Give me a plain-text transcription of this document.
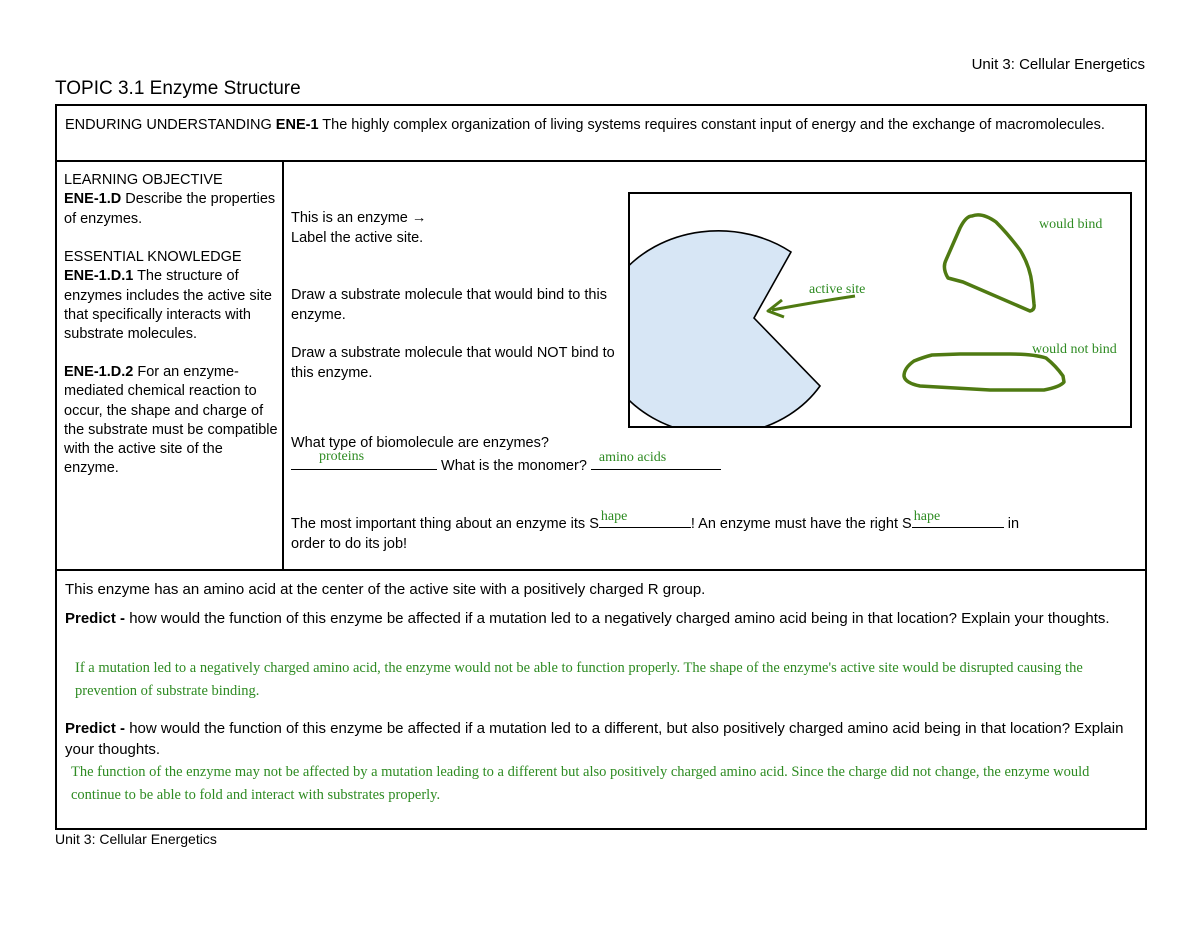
Unit 3: Cellular Energetics
TOPIC 3.1 Enzyme Structure
ENDURING UNDERSTANDING ENE-1 The highly complex organization of living systems requires constant input of energy and the exchange of macromolecules.
LEARNING OBJECTIVE
ENE-1.D Describe the properties of enzymes.
ESSENTIAL KNOWLEDGE
ENE-1.D.1 The structure of enzymes includes the active site that specifically interacts with substrate molecules.
ENE-1.D.2 For an enzyme-mediated chemical reaction to occur, the shape and charge of the substrate must be compatible with the active site of the enzyme.
This is an enzyme →
Label the active site.
Draw a substrate molecule that would bind to this enzyme.
Draw a substrate molecule that would NOT bind to this enzyme.
active site
would bind
would not bind
What type of biomolecule are enzymes?
proteins
What is the monomer? amino acids
The most important thing about an enzyme its S hape	! An enzyme must have the right S hape	in
order to do its job!
This enzyme has an amino acid at the center of the active site with a positively charged R group.
Predict - how would the function of this enzyme be affected if a mutation led to a negatively charged amino acid being in that location? Explain your thoughts.
If a mutation led to a negatively charged amino acid, the enzyme would not be able to function properly. The shape of the enzyme's active site would be disrupted causing the prevention of substrate binding.
Predict - how would the function of this enzyme be affected if a mutation led to a different, but also positively charged amino acid being in that location? Explain your thoughts.
The function of the enzyme may not be affected by a mutation leading to a different but also positively charged amino acid. Since the charge did not change, the enzyme would continue to be able to fold and interact with substrates properly.
Unit 3: Cellular Energetics
